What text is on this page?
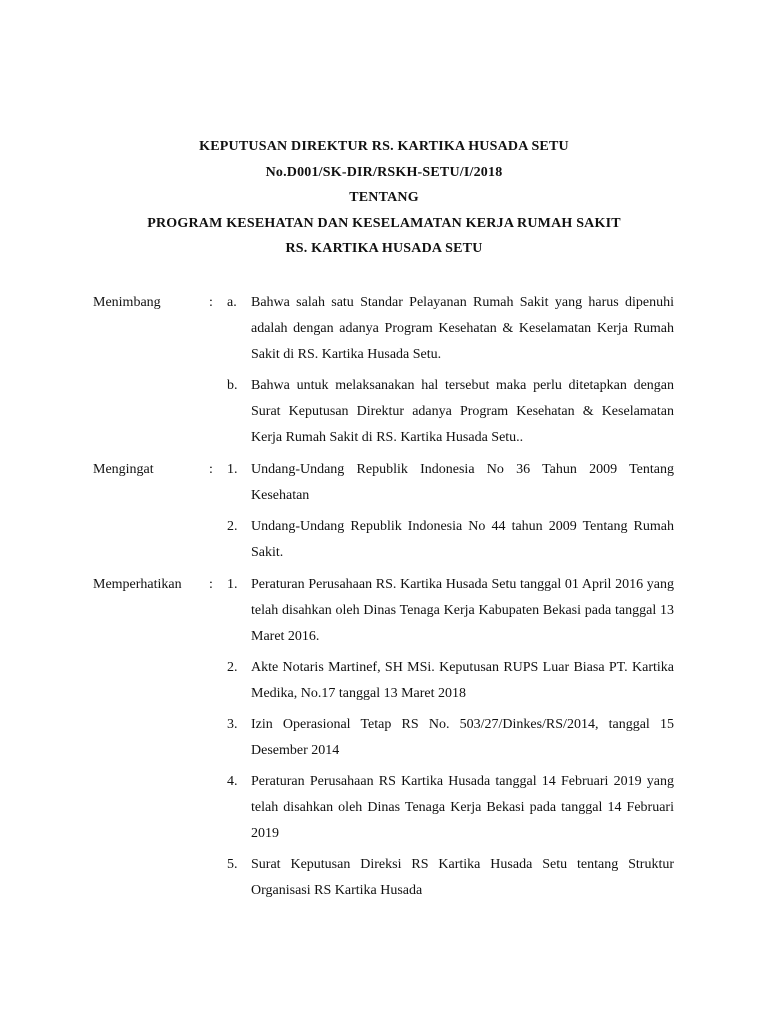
KEPUTUSAN DIREKTUR RS. KARTIKA HUSADA SETU
No.D001/SK-DIR/RSKH-SETU/I/2018
TENTANG
PROGRAM KESEHATAN DAN KESELAMATAN KERJA RUMAH SAKIT
RS. KARTIKA HUSADA SETU
Menimbang	: a. Bahwa salah satu Standar Pelayanan Rumah Sakit yang harus dipenuhi adalah dengan adanya Program Kesehatan & Keselamatan Kerja Rumah Sakit di RS. Kartika Husada Setu.
b. Bahwa untuk melaksanakan hal tersebut maka perlu ditetapkan dengan Surat Keputusan Direktur adanya Program Kesehatan & Keselamatan Kerja Rumah Sakit di RS. Kartika Husada Setu..
Mengingat	: 1. Undang-Undang Republik Indonesia No 36 Tahun 2009 Tentang Kesehatan
2. Undang-Undang Republik Indonesia No 44 tahun 2009 Tentang Rumah Sakit.
Memperhatikan : 1. Peraturan Perusahaan RS. Kartika Husada Setu tanggal 01 April 2016 yang telah disahkan oleh Dinas Tenaga Kerja Kabupaten Bekasi pada tanggal 13 Maret 2016.
2. Akte Notaris Martinef, SH MSi. Keputusan RUPS Luar Biasa PT. Kartika Medika, No.17 tanggal 13 Maret 2018
3. Izin Operasional Tetap RS No. 503/27/Dinkes/RS/2014, tanggal 15 Desember 2014
4. Peraturan Perusahaan RS Kartika Husada tanggal 14 Februari 2019 yang telah disahkan oleh Dinas Tenaga Kerja Bekasi pada tanggal 14 Februari 2019
5. Surat Keputusan Direksi RS Kartika Husada Setu tentang Struktur Organisasi RS Kartika Husada
